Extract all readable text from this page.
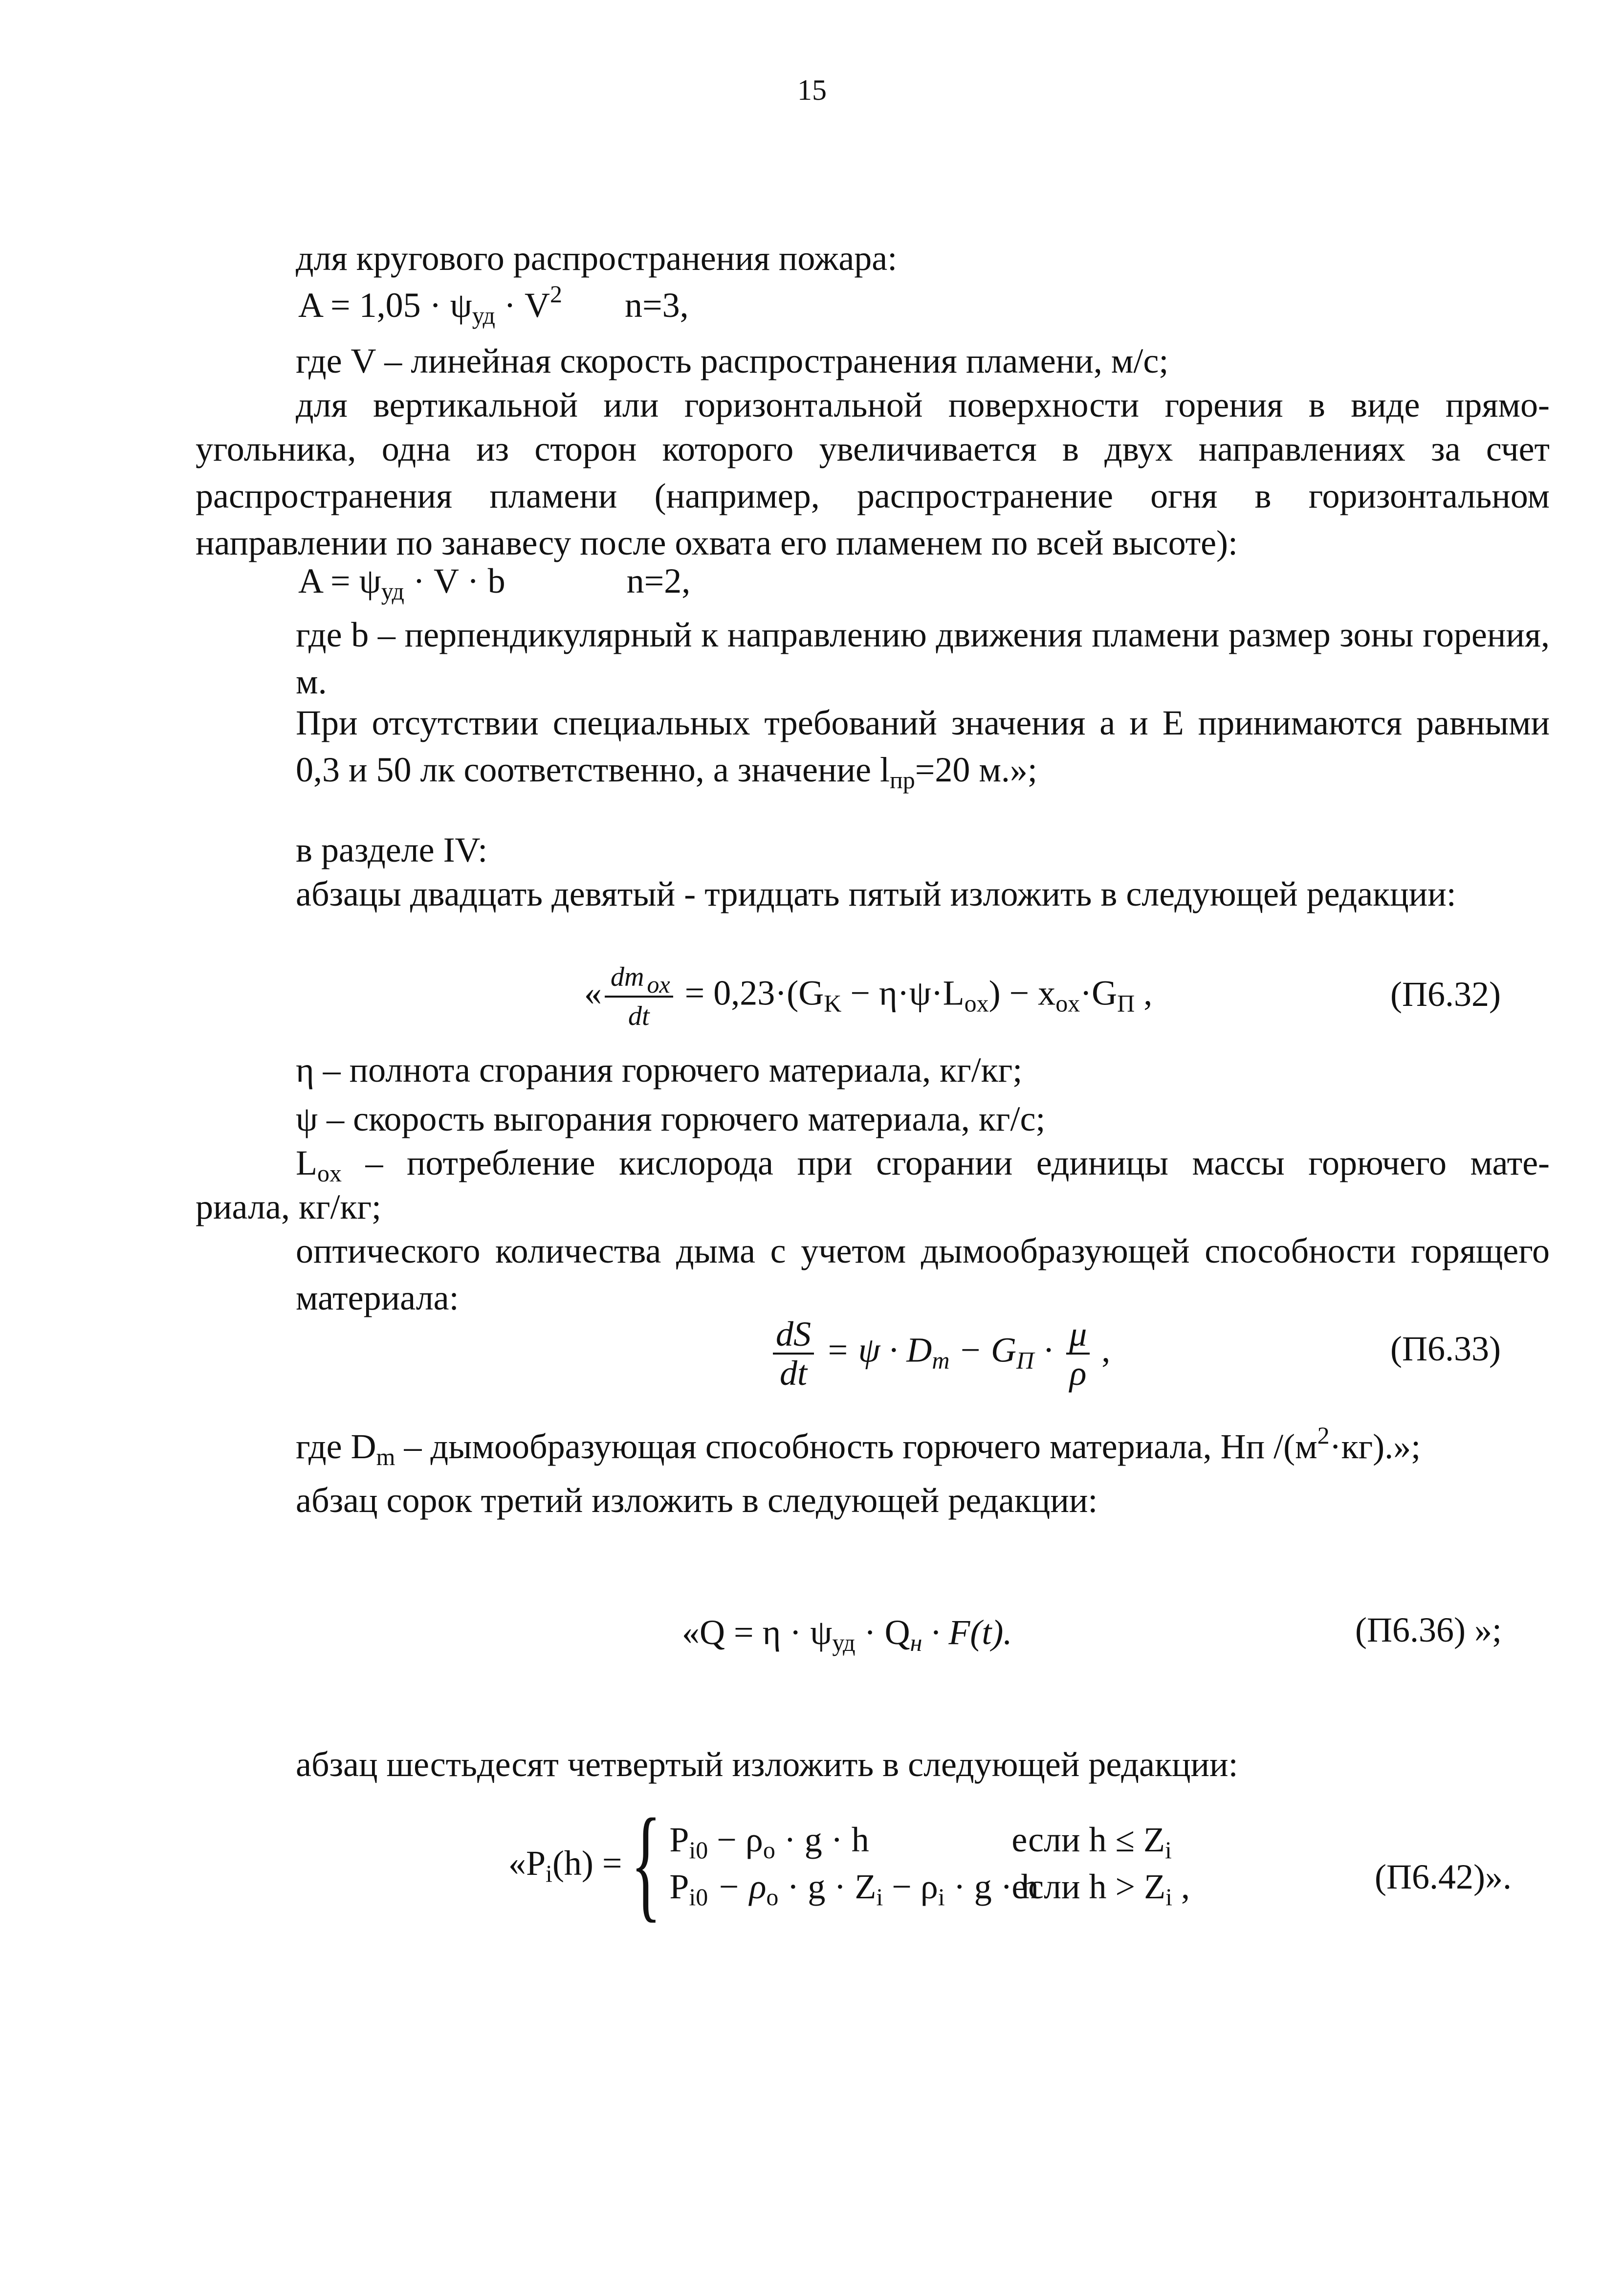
15

для кругового распространения пожара:

$A = 1,05 \cdot \psi_{уд} \cdot V^2$ n=3,

где V – линейная скорость распространения пламени, м/с;

для вертикальной или горизонтальной поверхности горения в виде прямо-

угольника, одна из сторон которого увеличивается в двух направлениях за счет распространения пламени (например, распространение огня в горизонтальном направлении по занавесу после охвата его пламенем по всей высоте):

$A = \psi_{уд} \cdot V \cdot b$	n=2,

где b – перпендикулярный к направлению движения пламени размер зоны горения, м.

При отсутствии специальных требований значения a и E принимаются равными 0,3 и 50 лк соответственно, а значение $l_{пр}=20$ м.»;

в разделе IV:

абзацы двадцать девятый - тридцать пятый изложить в следующей редакции:

« $\frac{dm _{ox}}{dt} = 0,23\cdot(G_K - \eta\cdot\psi\cdot L_{ox}) - x_{ox}\cdot G_П$ ,	(П6.32)

η – полнота сгорания горючего материала, кг/кг;

ψ – скорость выгорания горючего материала, кг/с;

$L_{ox}$ – потребление кислорода при сгорании единицы массы горючего мате-

риала, кг/кг;

оптического количества дыма с учетом дымообразующей способности горящего материала:

$\frac{dS}{dt} = \psi \cdot D_m - G_П \cdot \frac{\mu}{\rho}$ ,	(П6.33)

где $D_m$ – дымообразующая способность горючего материала, Нп $/(м^2\cdot кг)$.»;

абзац сорок третий изложить в следующей редакции:

«$Q = \eta \cdot \psi_{уд} \cdot Q_н \cdot F(t)$.	(П6.36) »;

абзац шестьдесят четвертый изложить в следующей редакции:

«$P_i(h)$ ={ $P_{i0} - \rho_o \cdot g \cdot h$	если $h \le Z_i$
$P_{i0} - \rho_o \cdot g \cdot Z_i - \rho_i \cdot g \cdot h$
если $h > Z_i$ ,	(П6.42)».
